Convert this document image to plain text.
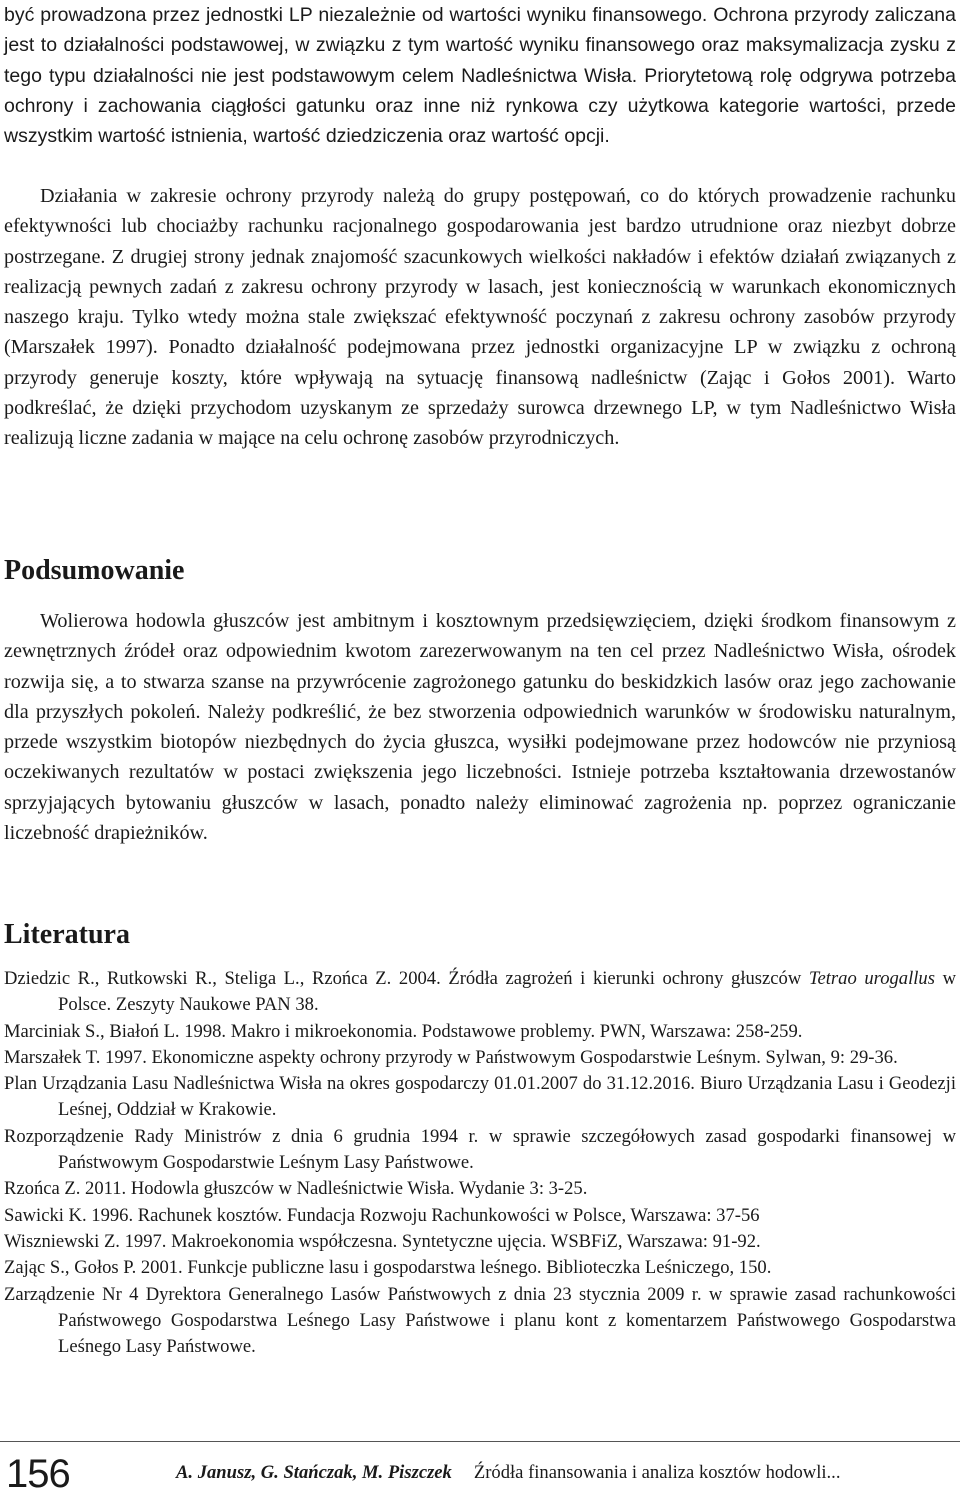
być prowadzona przez jednostki LP niezależnie od wartości wyniku finansowego. Ochrona przyrody zaliczana jest to działalności podstawowej, w związku z tym wartość wyniku finansowego oraz maksymalizacja zysku z tego typu działalności nie jest podstawowym celem Nadleśnictwa Wisła. Priorytetową rolę odgrywa potrzeba ochrony i zachowania ciągłości gatunku oraz inne niż rynkowa czy użytkowa kategorie wartości, przede wszystkim wartość istnienia, wartość dziedziczenia oraz wartość opcji.

Działania w zakresie ochrony przyrody należą do grupy postępowań, co do których prowadzenie rachunku efektywności lub chociażby rachunku racjonalnego gospodarowania jest bardzo utrudnione oraz niezbyt dobrze postrzegane. Z drugiej strony jednak znajomość szacunkowych wielkości nakładów i efektów działań związanych z realizacją pewnych zadań z zakresu ochrony przyrody w lasach, jest koniecznością w warunkach ekonomicznych naszego kraju. Tylko wtedy można stale zwiększać efektywność poczynań z zakresu ochrony zasobów przyrody (Marszałek 1997). Ponadto działalność podejmowana przez jednostki organizacyjne LP w związku z ochroną przyrody generuje koszty, które wpływają na sytuację finansową nadleśnictw (Zając i Gołos 2001). Warto podkreślać, że dzięki przychodom uzyskanym ze sprzedaży surowca drzewnego LP, w tym Nadleśnictwo Wisła realizują liczne zadania w mające na celu ochronę zasobów przyrodniczych.

Podsumowanie

Wolierowa hodowla głuszców jest ambitnym i kosztownym przedsięwzięciem, dzięki środkom finansowym z zewnętrznych źródeł oraz odpowiednim kwotom zarezerwowanym na ten cel przez Nadleśnictwo Wisła, ośrodek rozwija się, a to stwarza szanse na przywrócenie zagrożonego gatunku do beskidzkich lasów oraz jego zachowanie dla przyszłych pokoleń. Należy podkreślić, że bez stworzenia odpowiednich warunków w środowisku naturalnym, przede wszystkim biotopów niezbędnych do życia głuszca, wysiłki podejmowane przez hodowców nie przyniosą oczekiwanych rezultatów w postaci zwiększenia jego liczebności. Istnieje potrzeba kształtowania drzewostanów sprzyjających bytowaniu głuszców w lasach, ponadto należy eliminować zagrożenia np. poprzez ograniczanie liczebność drapieżników.

Literatura
Dziedzic R., Rutkowski R., Steliga L., Rzońca Z. 2004. Źródła zagrożeń i kierunki ochrony głuszców Tetrao urogallus w Polsce. Zeszyty Naukowe PAN 38.
Marciniak S., Białoń L. 1998. Makro i mikroekonomia. Podstawowe problemy. PWN, Warszawa: 258-259.
Marszałek T. 1997. Ekonomiczne aspekty ochrony przyrody w Państwowym Gospodarstwie Leśnym. Sylwan, 9: 29-36.
Plan Urządzania Lasu Nadleśnictwa Wisła na okres gospodarczy 01.01.2007 do 31.12.2016. Biuro Urządzania Lasu i Geodezji Leśnej, Oddział w Krakowie.
Rozporządzenie Rady Ministrów z dnia 6 grudnia 1994 r. w sprawie szczegółowych zasad gospodarki finansowej w Państwowym Gospodarstwie Leśnym Lasy Państwowe.
Rzońca Z. 2011. Hodowla głuszców w Nadleśnictwie Wisła. Wydanie 3: 3-25.
Sawicki K. 1996. Rachunek kosztów. Fundacja Rozwoju Rachunkowości w Polsce, Warszawa: 37-56
Wiszniewski Z. 1997. Makroekonomia współczesna. Syntetyczne ujęcia. WSBFiZ, Warszawa: 91-92.
Zając S., Gołos P. 2001. Funkcje publiczne lasu i gospodarstwa leśnego. Biblioteczka Leśniczego, 150.
Zarządzenie Nr 4 Dyrektora Generalnego Lasów Państwowych z dnia 23 stycznia 2009 r. w sprawie zasad rachunkowości Państwowego Gospodarstwa Leśnego Lasy Państwowe i planu kont z komentarzem Państwowego Gospodarstwa Leśnego Lasy Państwowe.
156	A. Janusz, G. Stańczak, M. Piszczek Źródła finansowania i analiza kosztów hodowli...
